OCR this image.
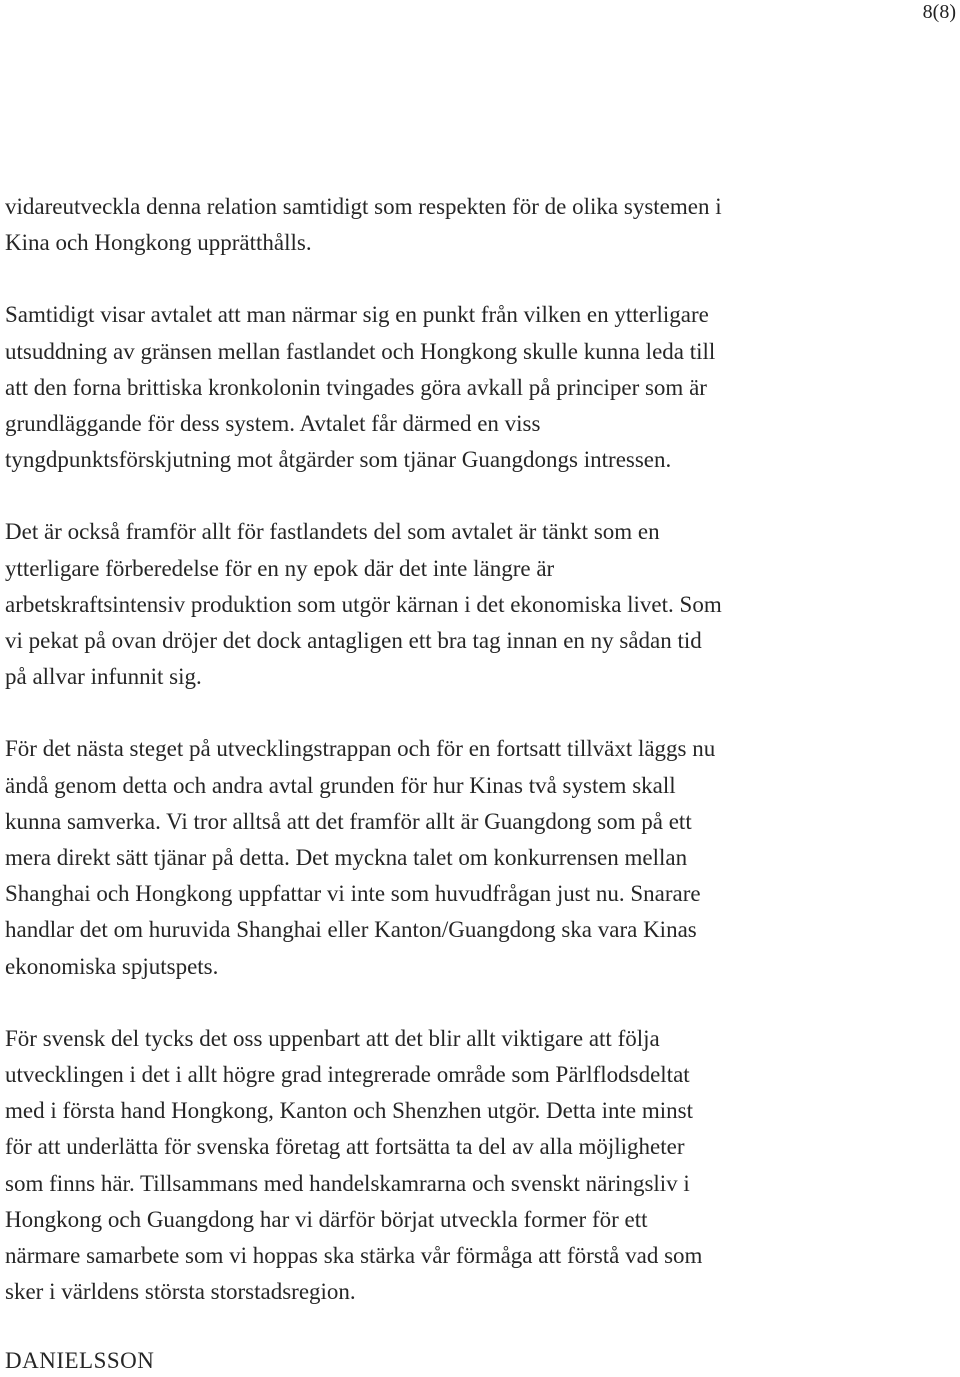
8(8)

vidareutveckla denna relation samtidigt som respekten för de olika systemen i
Kina och Hongkong upprätthålls.

Samtidigt visar avtalet att man närmar sig en punkt från vilken en ytterligare
utsuddning av gränsen mellan fastlandet och Hongkong skulle kunna leda till
att den forna brittiska kronkolonin tvingades göra avkall på principer som är
grundläggande för dess system. Avtalet får därmed en viss
tyngdpunktsförskjutning mot åtgärder som tjänar Guangdongs intressen.

Det är också framför allt för fastlandets del som avtalet är tänkt som en
ytterligare förberedelse för en ny epok där det inte längre är
arbetskraftsintensiv produktion som utgör kärnan i det ekonomiska livet. Som
vi pekat på ovan dröjer det dock antagligen ett bra tag innan en ny sådan tid
på allvar infunnit sig.

För det nästa steget på utvecklingstrappan och för en fortsatt tillväxt läggs nu
ändå genom detta och andra avtal grunden för hur Kinas två system skall
kunna samverka. Vi tror alltså att det framför allt är Guangdong som på ett
mera direkt sätt tjänar på detta. Det myckna talet om konkurrensen mellan
Shanghai och Hongkong uppfattar vi inte som huvudfrågan just nu. Snarare
handlar det om huruvida Shanghai eller Kanton/Guangdong ska vara Kinas
ekonomiska spjutspets.

För svensk del tycks det oss uppenbart att det blir allt viktigare att följa
utvecklingen i det i allt högre grad integrerade område som Pärlflodsdeltat
med i första hand Hongkong, Kanton och Shenzhen utgör. Detta inte minst
för att underlätta för svenska företag att fortsätta ta del av alla möjligheter
som finns här. Tillsammans med handelskamrarna och svenskt näringsliv i
Hongkong och Guangdong har vi därför börjat utveckla former för ett
närmare samarbete som vi hoppas ska stärka vår förmåga att förstå vad som
sker i världens största storstadsregion.

DANIELSSON
